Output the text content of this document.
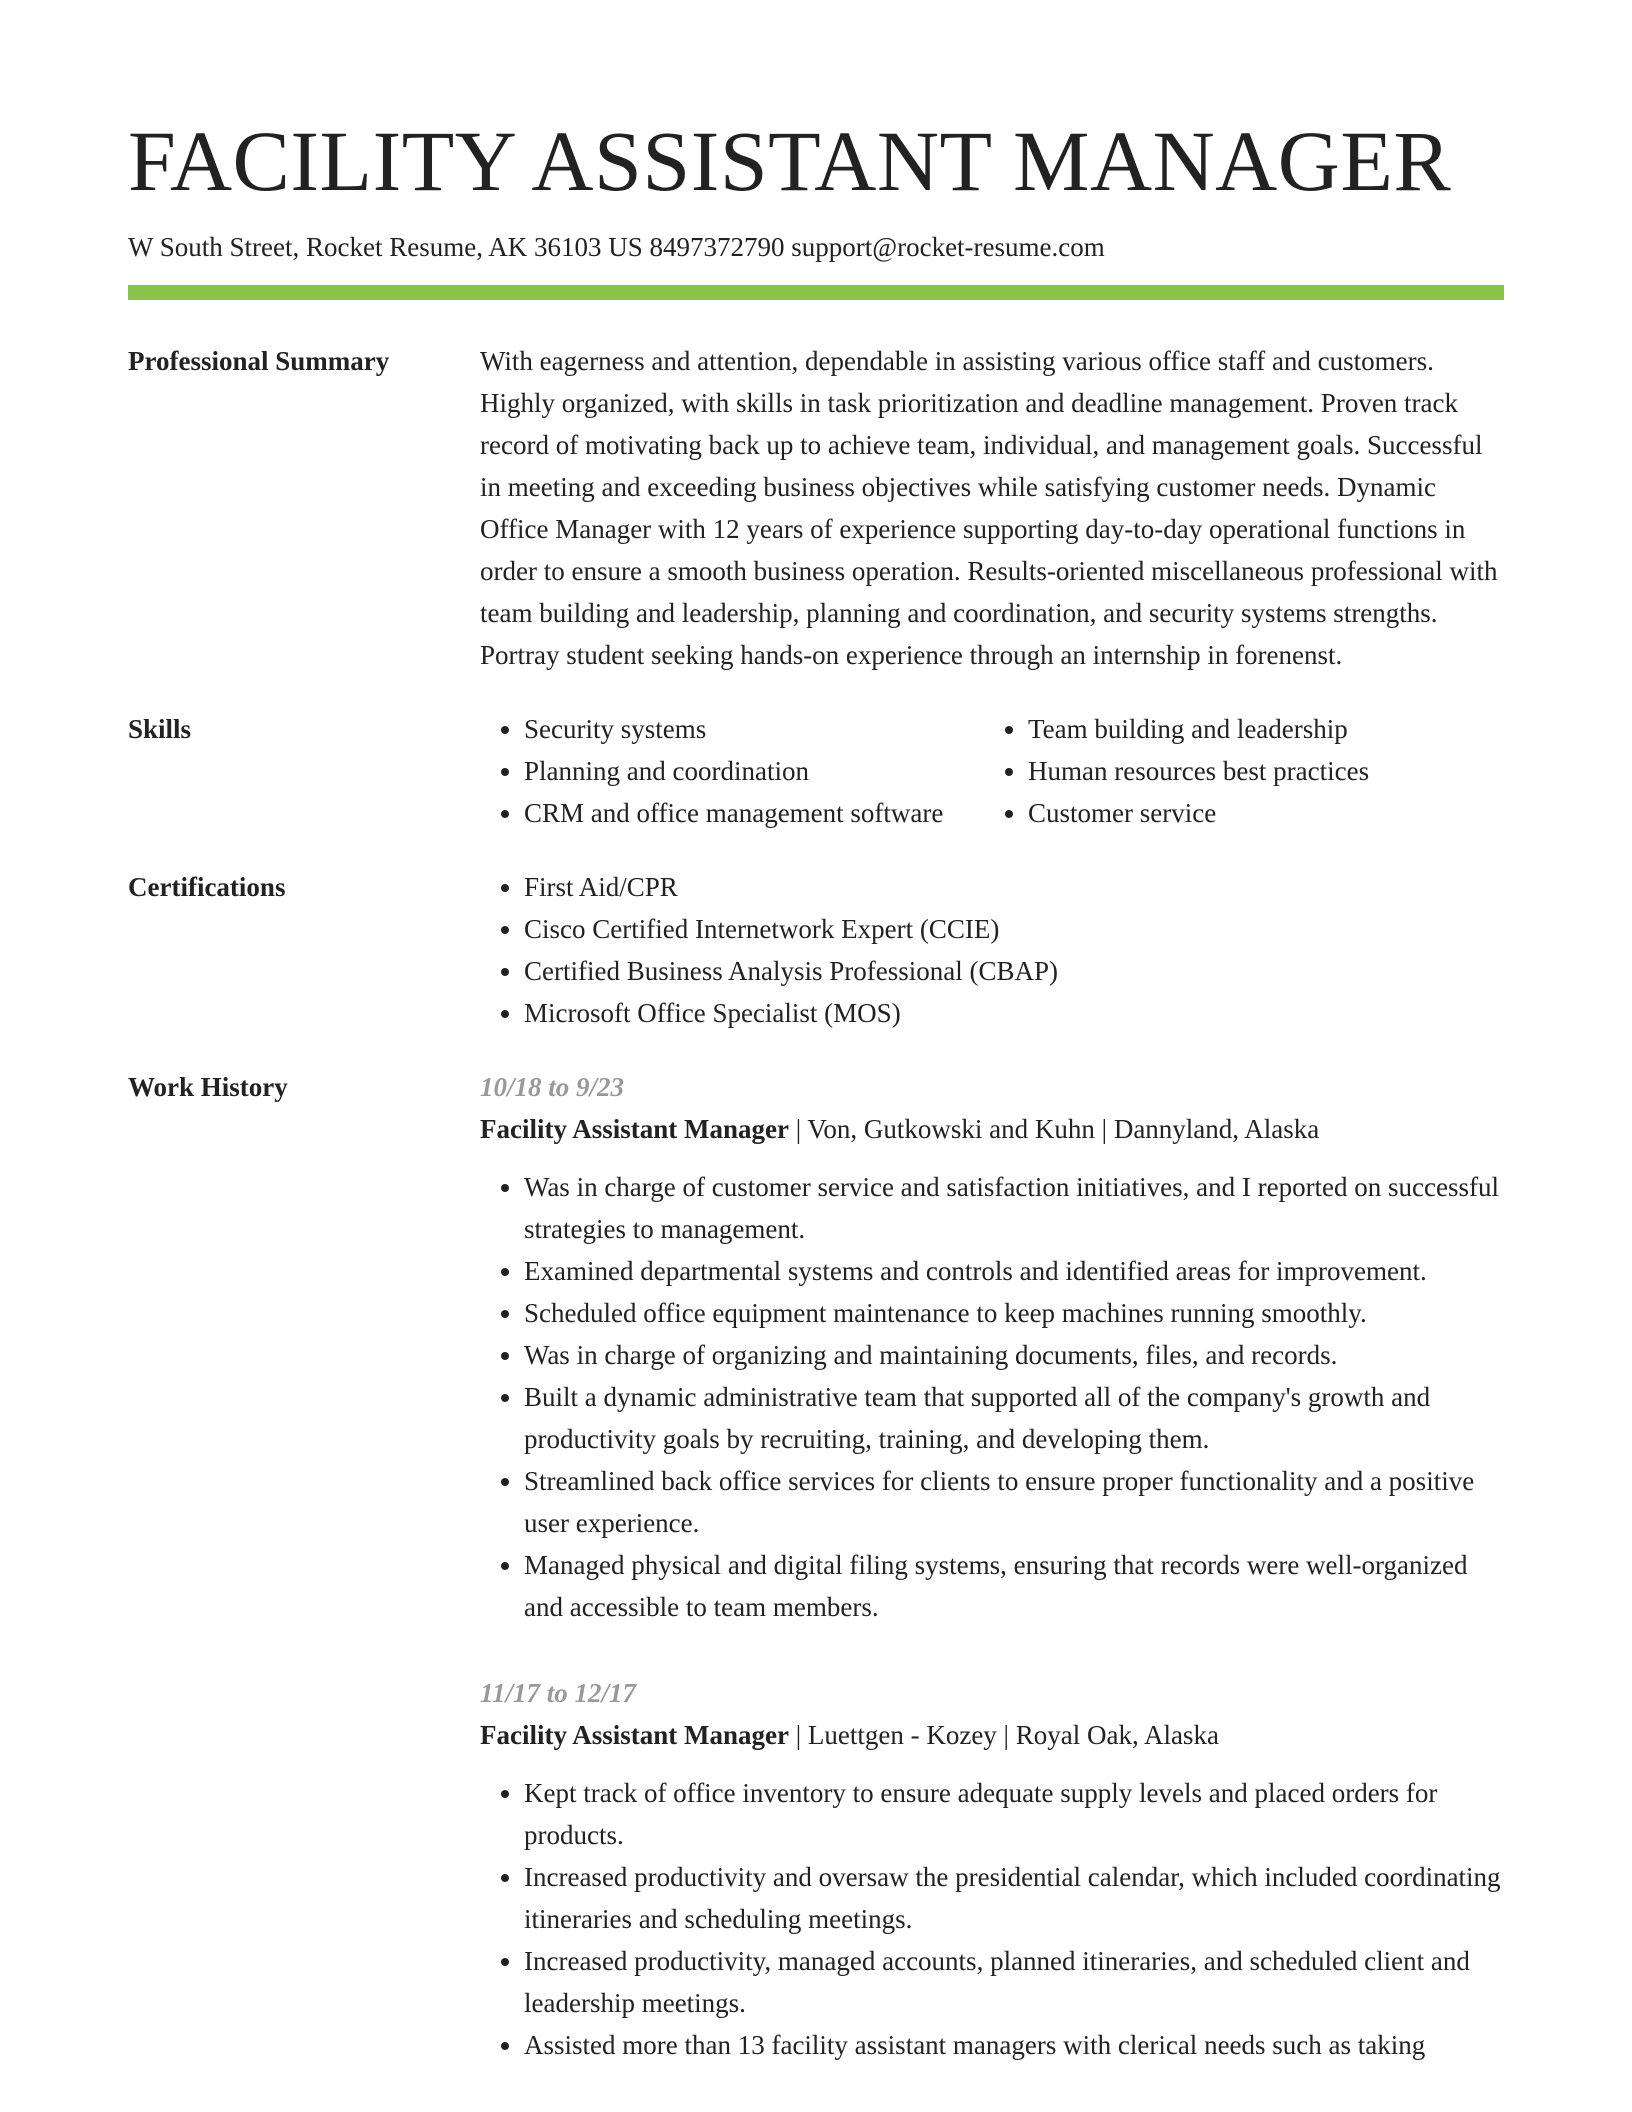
FACILITY ASSISTANT MANAGER
W South Street, Rocket Resume, AK 36103 US 8497372790 support@rocket-resume.com
Professional Summary	With eagerness and attention, dependable in assisting various office staff and customers. Highly organized, with skills in task prioritization and deadline management. Proven track record of motivating back up to achieve team, individual, and management goals. Successful in meeting and exceeding business objectives while satisfying customer needs. Dynamic Office Manager with 12 years of experience supporting day-to-day operational functions in order to ensure a smooth business operation. Results-oriented miscellaneous professional with team building and leadership, planning and coordination, and security systems strengths. Portray student seeking hands-on experience through an internship in forenenst.

Skills	• Security systems
• Planning and coordination
• CRM and office management software
• Team building and leadership
• Human resources best practices
• Customer service
Certifications	• First Aid/CPR
• Cisco Certified Internetwork Expert (CCIE)
• Certified Business Analysis Professional (CBAP)
• Microsoft Office Specialist (MOS)
Work History	10/18 to 9/23
Facility Assistant Manager | Von, Gutkowski and Kuhn | Dannyland, Alaska
• Was in charge of customer service and satisfaction initiatives, and I reported on successful strategies to management.
• Examined departmental systems and controls and identified areas for improvement.
• Scheduled office equipment maintenance to keep machines running smoothly.
• Was in charge of organizing and maintaining documents, files, and records.
• Built a dynamic administrative team that supported all of the company's growth and productivity goals by recruiting, training, and developing them.
• Streamlined back office services for clients to ensure proper functionality and a positive user experience.
• Managed physical and digital filing systems, ensuring that records were well-organized and accessible to team members.
11/17 to 12/17
Facility Assistant Manager | Luettgen - Kozey | Royal Oak, Alaska
• Kept track of office inventory to ensure adequate supply levels and placed orders for products.
• Increased productivity and oversaw the presidential calendar, which included coordinating itineraries and scheduling meetings.
• Increased productivity, managed accounts, planned itineraries, and scheduled client and leadership meetings.
• Assisted more than 13 facility assistant managers with clerical needs such as taking
